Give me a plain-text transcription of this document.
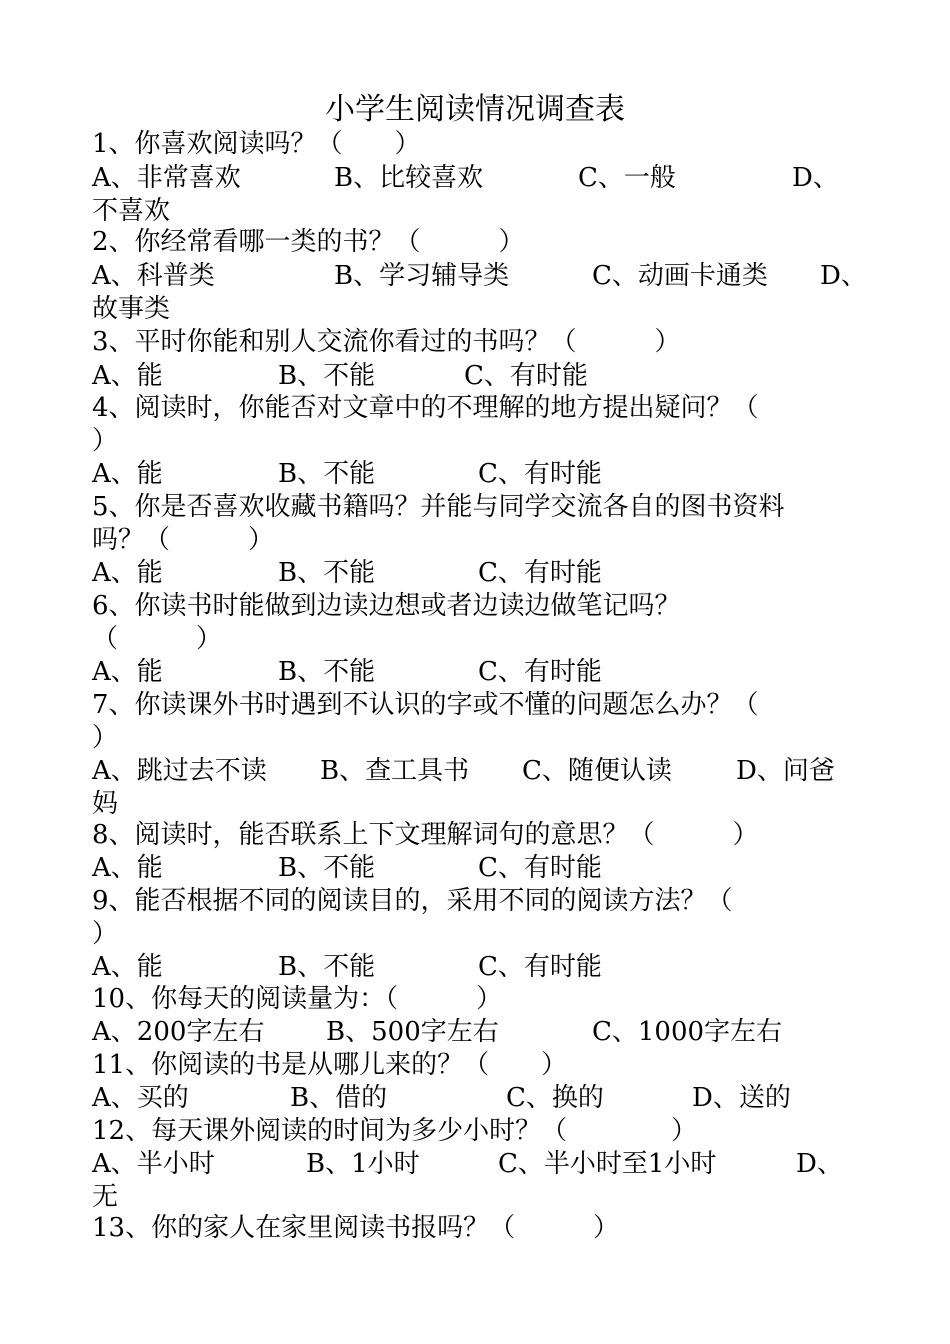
小学生阅读情况调查表
1、你喜欢阅读吗？（　　）
A、非常喜欢	B、比较喜欢	C、一般	D、
不喜欢
2、你经常看哪一类的书？（　　　）
A、科普类	B、学习辅导类	C、动画卡通类 D、
故事类
3、平时你能和别人交流你看过的书吗？（　　　）
A、能	B、不能	C、有时能
4、阅读时，你能否对文章中的不理解的地方提出疑问？（
）
A、能	B、不能	C、有时能
5、你是否喜欢收藏书籍吗？并能与同学交流各自的图书资料
吗？（　　　）
A、能	B、不能	C、有时能
6、你读书时能做到边读边想或者边读边做笔记吗？
（　　　）
A、能	B、不能	C、有时能
7、你读课外书时遇到不认识的字或不懂的问题怎么办？（
）
A、跳过去不读 B、查工具书 C、随便认读 D、问爸
妈
8、阅读时，能否联系上下文理解词句的意思？（　　　）
A、能	B、不能	C、有时能
9、能否根据不同的阅读目的，采用不同的阅读方法？（
）
A、能	B、不能	C、有时能
10、你每天的阅读量为：（　　　）
A、200字左右 B、500字左右	C、1000字左右
11、你阅读的书是从哪儿来的？（　　）
A、买的	B、借的	C、换的	D、送的
12、每天课外阅读的时间为多少小时？（　　　　）
A、半小时	B、1小时	C、半小时至1小时	D、
无
13、你的家人在家里阅读书报吗？（　　　）
